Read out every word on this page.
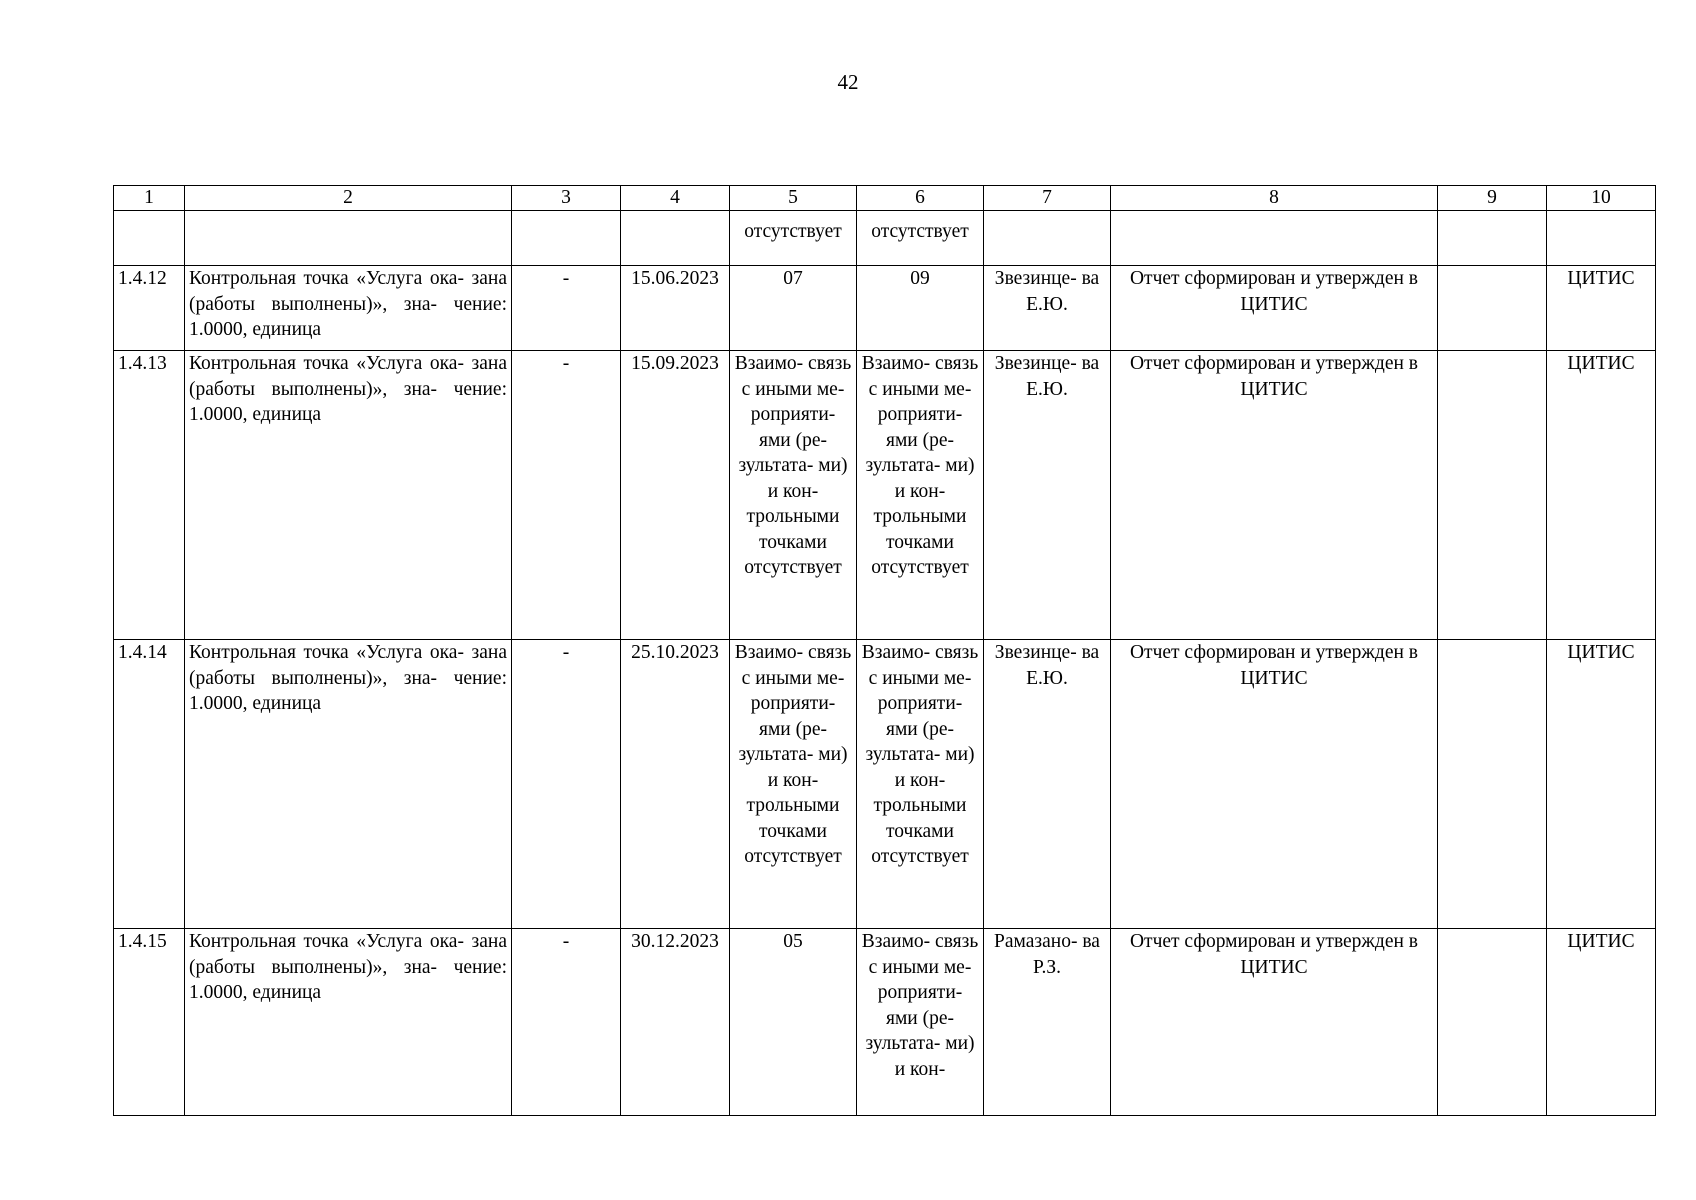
42
1	2	3	4	5	6	7	8	9	10
				отсутствует	отсутствует				
1.4.12	Контрольная точка «Услуга ока- зана (работы выполнены)», зна- чение: 1.0000, единица	-	15.06.2023	07	09	Звезинце- ва Е.Ю.	Отчет сформирован и утвержден в ЦИТИС		ЦИТИС
1.4.13	Контрольная точка «Услуга ока- зана (работы выполнены)», зна- чение: 1.0000, единица	-	15.09.2023	Взаимо- связь с иными ме- роприяти- ями (ре- зультата- ми) и кон- трольными точками отсутствует	Взаимо- связь с иными ме- роприяти- ями (ре- зультата- ми) и кон- трольными точками отсутствует	Звезинце- ва Е.Ю.	Отчет сформирован и утвержден в ЦИТИС		ЦИТИС
1.4.14	Контрольная точка «Услуга ока- зана (работы выполнены)», зна- чение: 1.0000, единица	-	25.10.2023	Взаимо- связь с иными ме- роприяти- ями (ре- зультата- ми) и кон- трольными точками отсутствует	Взаимо- связь с иными ме- роприяти- ями (ре- зультата- ми) и кон- трольными точками отсутствует	Звезинце- ва Е.Ю.	Отчет сформирован и утвержден в ЦИТИС		ЦИТИС
1.4.15	Контрольная точка «Услуга ока- зана (работы выполнены)», зна- чение: 1.0000, единица	-	30.12.2023	05	Взаимо- связь с иными ме- роприяти- ями (ре- зультата- ми) и кон-	Рамазано- ва Р.З.	Отчет сформирован и утвержден в ЦИТИС		ЦИТИС
